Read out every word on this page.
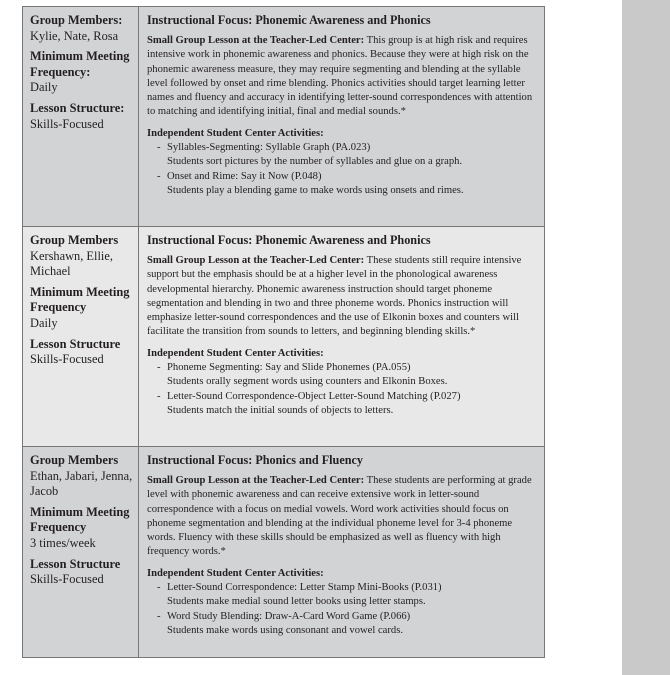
Group Members:
Kylie, Nate, Rosa
Minimum Meeting Frequency:
Daily
Lesson Structure:
Skills-Focused
Instructional Focus: Phonemic Awareness and Phonics

Small Group Lesson at the Teacher-Led Center: This group is at high risk and requires intensive work in phonemic awareness and phonics. Because they were at high risk on the phonemic awareness measure, they may require segmenting and blending at the syllable level followed by onset and rime blending. Phonics activities should target learning letter names and fluency and accuracy in identifying letter-sound correspondences with attention to matching and identifying initial, final and medial sounds.*

Independent Student Center Activities:
- Syllables-Segmenting: Syllable Graph (PA.023)
Students sort pictures by the number of syllables and glue on a graph.
- Onset and Rime: Say it Now (P.048)
Students play a blending game to make words using onsets and rimes.
Group Members
Kershawn, Ellie, Michael
Minimum Meeting Frequency
Daily
Lesson Structure
Skills-Focused
Instructional Focus: Phonemic Awareness and Phonics

Small Group Lesson at the Teacher-Led Center: These students still require intensive support but the emphasis should be at a higher level in the phonological awareness developmental hierarchy. Phonemic awareness instruction should target phoneme segmentation and blending in two and three phoneme words. Phonics instruction will emphasize letter-sound correspondences and the use of Elkonin boxes and counters will facilitate the transition from sounds to letters, and beginning blending skills.*

Independent Student Center Activities:
- Phoneme Segmenting: Say and Slide Phonemes (PA.055)
Students orally segment words using counters and Elkonin Boxes.
- Letter-Sound Correspondence-Object Letter-Sound Matching (P.027)
Students match the initial sounds of objects to letters.
Group Members
Ethan, Jabari, Jenna, Jacob
Minimum Meeting Frequency
3 times/week
Lesson Structure
Skills-Focused
Instructional Focus: Phonics and Fluency

Small Group Lesson at the Teacher-Led Center: These students are performing at grade level with phonemic awareness and can receive extensive work in letter-sound correspondence with a focus on medial vowels. Word work activities should focus on phoneme segmentation and blending at the individual phoneme level for 3-4 phoneme words. Fluency with these skills should be emphasized as well as fluency with high frequency words.*

Independent Student Center Activities:
- Letter-Sound Correspondence: Letter Stamp Mini-Books (P.031)
Students make medial sound letter books using letter stamps.
- Word Study Blending: Draw-A-Card Word Game (P.066)
Students make words using consonant and vowel cards.
